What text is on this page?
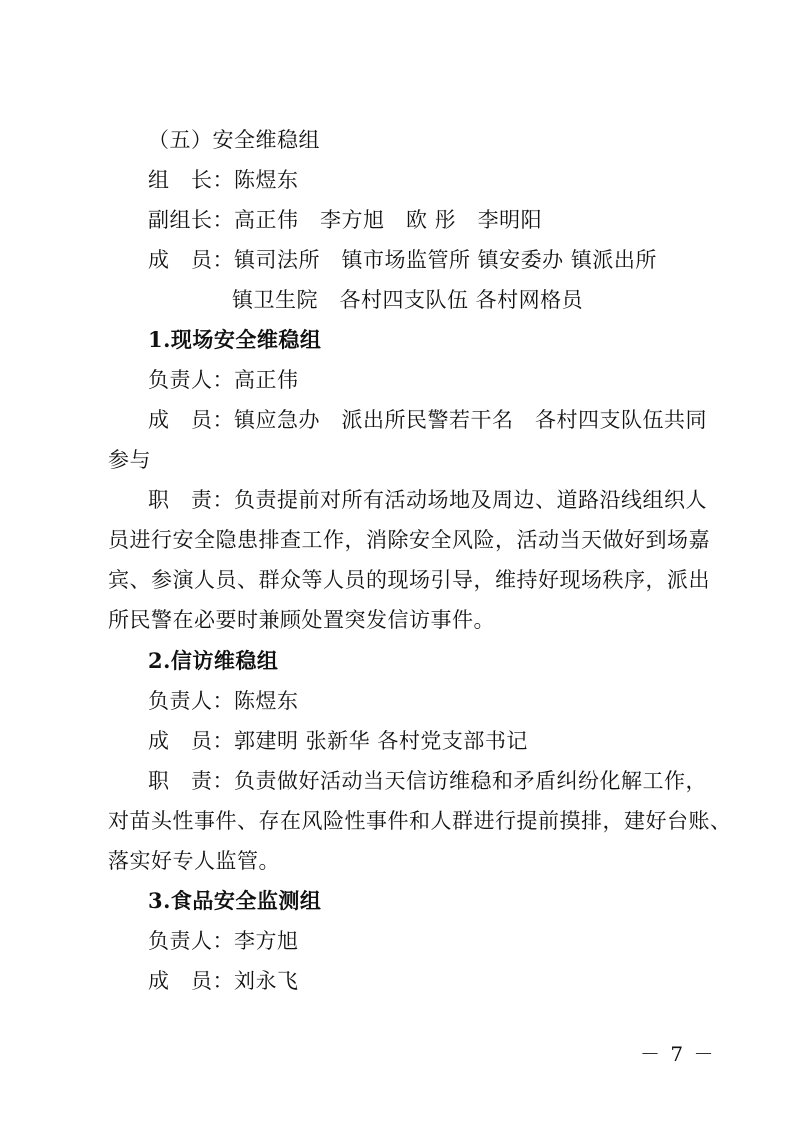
（五）安全维稳组
组　长：陈煜东
副组长：高正伟　李方旭　欧 彤　李明阳
成　员：镇司法所　镇市场监管所 镇安委办 镇派出所
镇卫生院　各村四支队伍 各村网格员
1.现场安全维稳组
负责人：高正伟
成　员：镇应急办　派出所民警若干名　各村四支队伍共同
参与
职　责：负责提前对所有活动场地及周边、道路沿线组织人
员进行安全隐患排查工作，消除安全风险，活动当天做好到场嘉
宾、参演人员、群众等人员的现场引导，维持好现场秩序，派出
所民警在必要时兼顾处置突发信访事件。
2.信访维稳组
负责人：陈煜东
成　员：郭建明 张新华 各村党支部书记
职　责：负责做好活动当天信访维稳和矛盾纠纷化解工作，
对苗头性事件、存在风险性事件和人群进行提前摸排，建好台账、
落实好专人监管。
3.食品安全监测组
负责人：李方旭
成　员：刘永飞
－ 7 －
